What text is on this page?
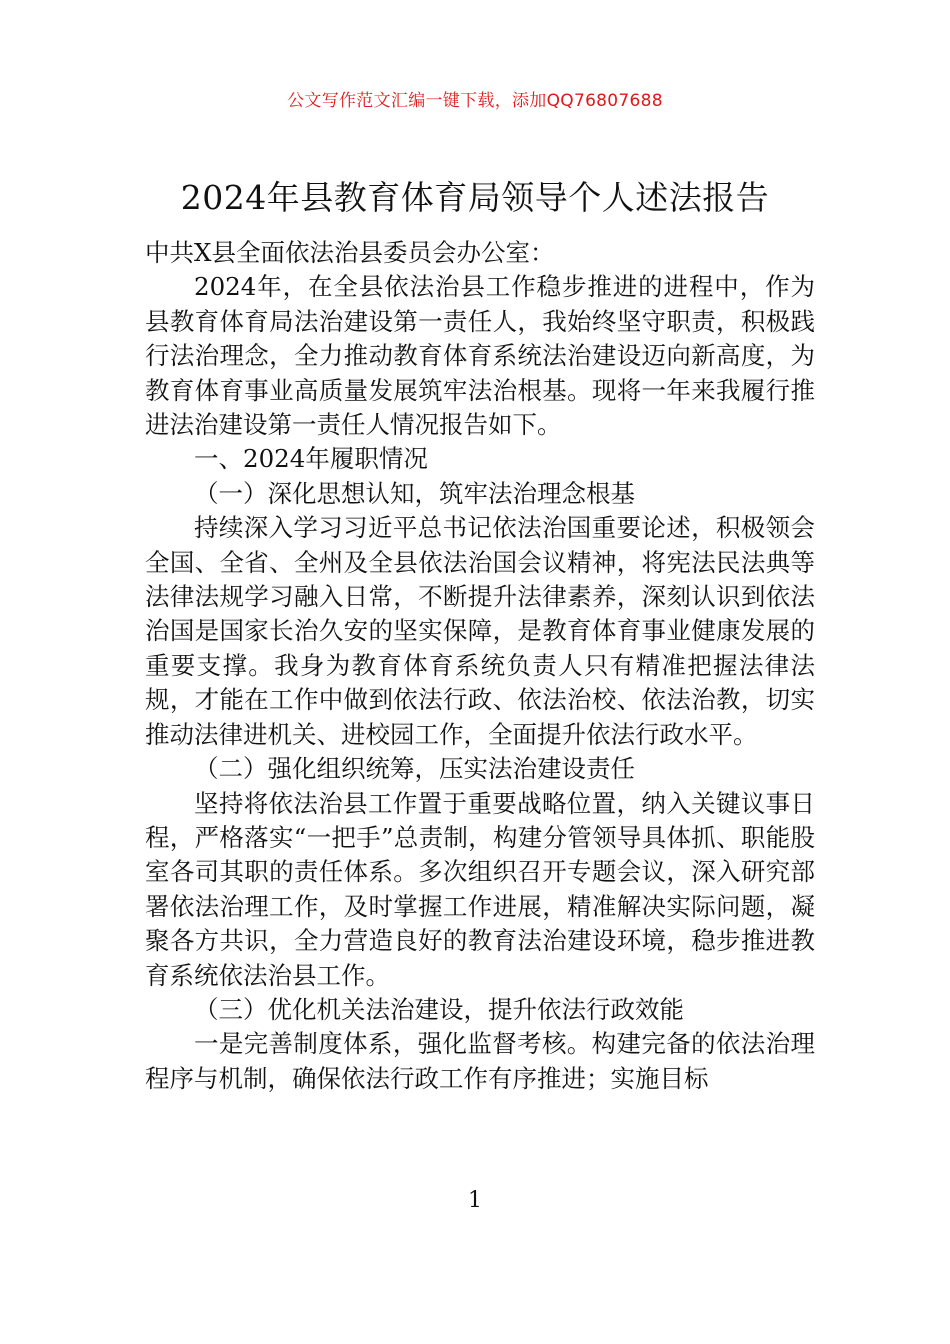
公文写作范文汇编一键下载，添加QQ76807688
2024年县教育体育局领导个人述法报告

中共X县全面依法治县委员会办公室：

2024年，在全县依法治县工作稳步推进的进程中，作为县教育体育局法治建设第一责任人，我始终坚守职责，积极践行法治理念，全力推动教育体育系统法治建设迈向新高度，为教育体育事业高质量发展筑牢法治根基。现将一年来我履行推进法治建设第一责任人情况报告如下。

一、2024年履职情况

（一）深化思想认知，筑牢法治理念根基

持续深入学习习近平总书记依法治国重要论述，积极领会全国、全省、全州及全县依法治国会议精神，将宪法民法典等法律法规学习融入日常，不断提升法律素养，深刻认识到依法治国是国家长治久安的坚实保障，是教育体育事业健康发展的重要支撑。我身为教育体育系统负责人只有精准把握法律法规，才能在工作中做到依法行政、依法治校、依法治教，切实推动法律进机关、进校园工作，全面提升依法行政水平。

（二）强化组织统筹，压实法治建设责任

坚持将依法治县工作置于重要战略位置，纳入关键议事日程，严格落实“一把手”总责制，构建分管领导具体抓、职能股室各司其职的责任体系。多次组织召开专题会议，深入研究部署依法治理工作，及时掌握工作进展，精准解决实际问题，凝聚各方共识，全力营造良好的教育法治建设环境，稳步推进教育系统依法治县工作。

（三）优化机关法治建设，提升依法行政效能

一是完善制度体系，强化监督考核。构建完备的依法治理程序与机制，确保依法行政工作有序推进；实施目标

1
